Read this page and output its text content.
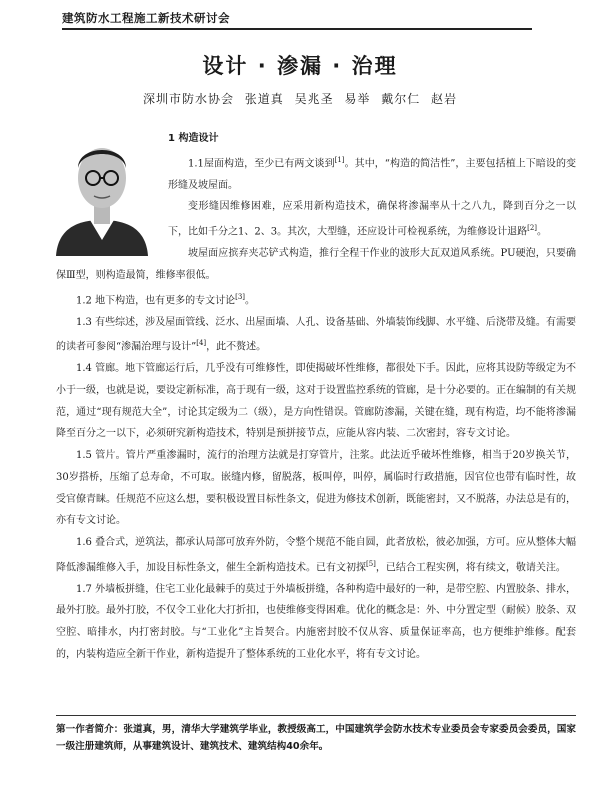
建筑防水工程施工新技术研讨会
设计 · 渗漏 · 治理
深圳市防水协会 张道真 吴兆圣 易举 戴尔仁 赵岩
1 构造设计

1.1屋面构造，至少已有两文谈到[1]。其中，“构造的简洁性”，主要包括植上下暗设的变形缝及坡屋面。

变形缝因维修困难，应采用新构造技术，确保将渗漏率从十之八九，降到百分之一以下，比如千分之1、2、3。其次，大型缝，还应设计可检视系统，为维修设计退路[2]。

坡屋面应摈弃夹芯铲式构造，推行全程干作业的波形大瓦双道风系统。PU硬泡，只要确保Ⅲ型，则构造最简，维修率很低。

1.2 地下构造，也有更多的专文讨论[3]。

1.3 有些综述，涉及屋面管线、泛水、出屋面墙、人孔、设备基础、外墙装饰线脚、水平缝、后浇带及缝。有需要的读者可参阅“渗漏治理与设计”[4]，此不赘述。

1.4 管廊。地下管廊运行后，几乎没有可维修性，即使揭破坏性维修，都很处下手。因此，应将其设防等级定为不小于一级，也就是说，要设定新标准，高于现有一级，这对于设置监控系统的管廊，是十分必要的。正在编制的有关规范，通过“现有规范大全”，讨论其定级为二（级），是方向性错误。管廊防渗漏，关键在缝，现有构造，均不能将渗漏降至百分之一以下，必须研究新构造技术，特别是预拼接节点，应能从容内装、二次密封，容专文讨论。

1.5 管片。管片严重渗漏时，流行的治理方法就是打穿管片，注浆。此法近乎破坏性维修，相当于20岁换关节，30岁搭桥，压缩了总寿命，不可取。嵌缝内修，留脱落，板叫停，叫停，属临时行政措施，因官位也带有临时性，故受官僚青睐。任规范不应这么想，要积极设置目标性条文，促进为修技术创新，既能密封，又不脱落，办法总是有的，亦有专文讨论。

1.6 叠合式，逆筑法，都承认局部可放弃外防，令整个规范不能自圆，此者放松，彼必加强，方可。应从整体大幅降低渗漏维修入手，加设目标性条文，催生全新构造技术。已有文初探[5]，已结合工程实例，将有续文，敬请关注。

1.7 外墙板拼缝，住宅工业化最棘手的莫过于外墙板拼缝，各种构造中最好的一种，是带空腔、内置胶条、排水，最外打胶。最外打胶，不仅令工业化大打折扣，也使维修变得困难。优化的概念是：外、中分置定型（耐候）胶条、双空腔、暗排水，内打密封胶。与“工业化”主旨契合。内施密封胶不仅从容、质量保证率高，也方便维护维修。配套的，内装构造应全新干作业，新构造提升了整体系统的工业化水平，将有专文讨论。

第一作者简介：张道真，男，清华大学建筑学毕业，教授级高工，中国建筑学会防水技术专业委员会专家委员会委员，国家一级注册建筑师，从事建筑设计、建筑技术、建筑结构40余年。
